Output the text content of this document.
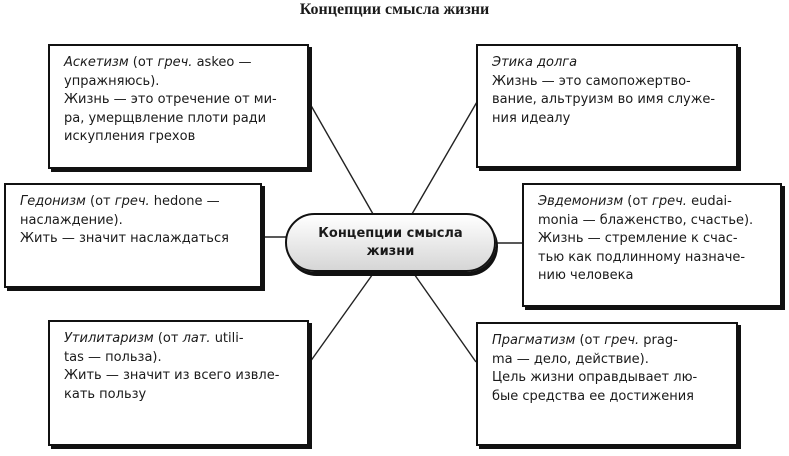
Концепции смысла жизни

Аскетизм (от греч. askeo —

упражняюсь).

Жизнь — это отречение от ми-

ра, умерщвление плоти ради

искупления грехов

Этика долга

Жизнь — это самопожертво-

вание, альтруизм во имя служе-

ния идеалу

Гедонизм (от греч. hedone —

наслаждение).

Жить — значит наслаждаться	Концепции смысла
жизни

Эвдемонизм (от греч. eudai-

monia — блаженство, счастье).

Жизнь — стремление к счас-

тью как подлинному назначе-

нию человека

Утилитаризм (от лат. utili-

tas — польза).

Жить — значит из всего извле-

кать пользу

Прагматизм (от греч. prag-

ma — дело, действие).

Цель жизни оправдывает лю-

бые средства ее достижения
